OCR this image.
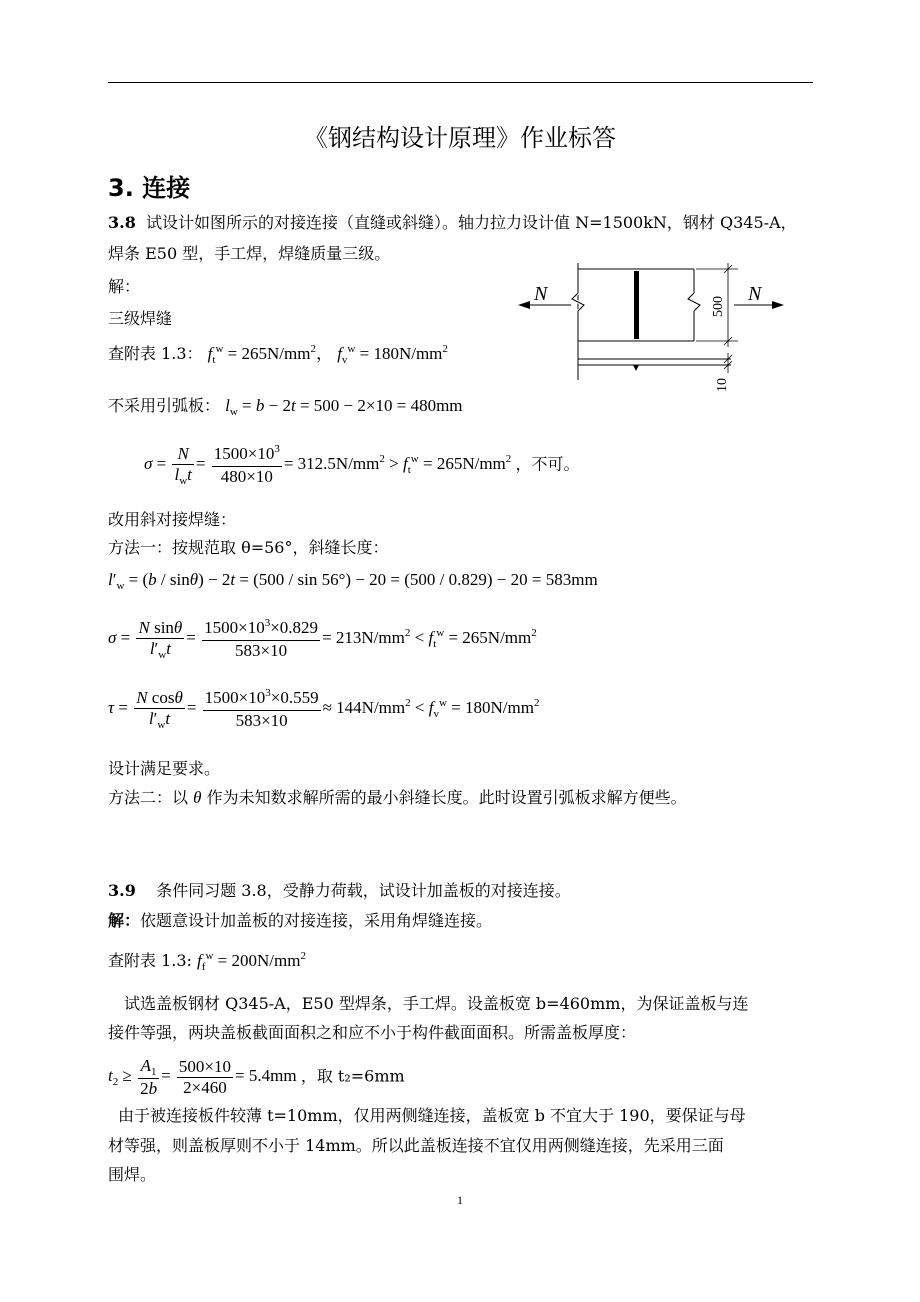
《钢结构设计原理》作业标答
3. 连接
3.8 试设计如图所示的对接连接（直缝或斜缝）。轴力拉力设计值 N=1500kN，钢材 Q345-A，
焊条 E50 型，手工焊，焊缝质量三级。
解：
三级焊缝
查附表 1.3： $f_t^w = 265N/mm^2$， $f_v^w = 180N/mm^2$
不采用引弧板： $l_w = b - 2t = 500 - 2\times 10 = 480mm$
$\sigma = \frac{N}{l_wt} = \frac{1500\times 10^3}{480\times 10} = 312.5N/mm^2 > f_t^w = 265N/mm^2$ ，不可。
改用斜对接焊缝：
方法一：按规范取 θ=56°，斜缝长度：
$l'_w = (b / \sin\theta) - 2t = (500 / \sin 56^\circ) - 20 = (500 / 0.829) - 20 = 583mm$
$\sigma = \frac{\text{N sinθ}}{l'_wt} = \frac{1500\times 10^3\times 0.829}{583\times 10} = 213N/mm^2 < f_t^w = 265N/mm^2$
$\tau = \frac{\text{N cosθ}}{l'_wt} = \frac{1500\times 10^3\times 0.559}{583\times 10} \approx 144N/mm^2 < f_v^w = 180N/mm^2$
设计满足要求。
方法二：以 θ 作为未知数求解所需的最小斜缝长度。此时设置引弧板求解方便些。
N
500
10
N
3.9 条件同习题 3.8，受静力荷载，试设计加盖板的对接连接。
解：依题意设计加盖板的对接连接，采用角焊缝连接。
查附表 1.3: $f_f^w = 200N/mm^2$
试选盖板钢材 Q345-A，E50 型焊条，手工焊。设盖板宽 b=460mm，为保证盖板与连
接件等强，两块盖板截面面积之和应不小于构件截面面积。所需盖板厚度：
$t_2 \ge \frac{A_1}{2b} = \frac{500\times 10}{2\times 460} = 5.4mm$ ，取 t₂=6mm
由于被连接板件较薄 t=10mm，仅用两侧缝连接，盖板宽 b 不宜大于 190，要保证与母
材等强，则盖板厚则不小于 14mm。所以此盖板连接不宜仅用两侧缝连接，先采用三面
围焊。
1
